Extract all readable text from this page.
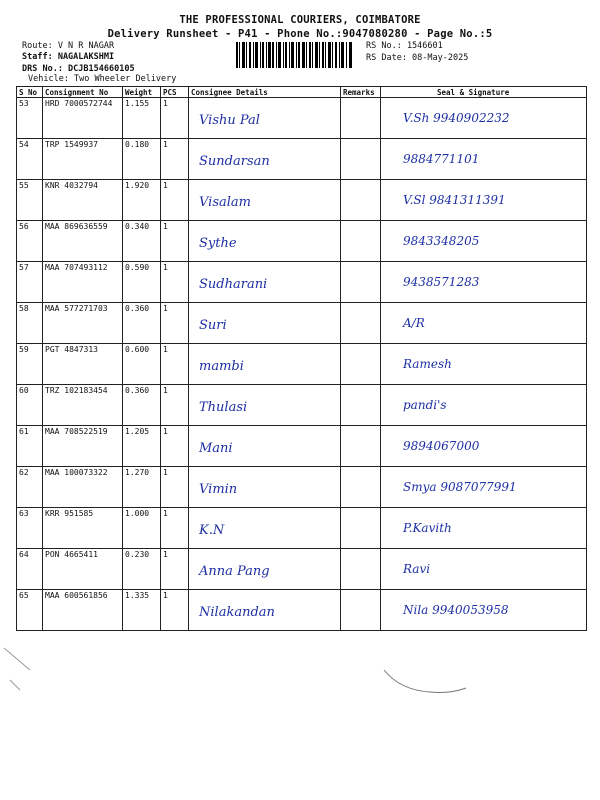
THE PROFESSIONAL COURIERS, COIMBATORE
Delivery Runsheet - P41 - Phone No.:9047080280 - Page No.:5
Route: V N R NAGAR
Staff: NAGALAKSHMI
DRS No.: DCJB154660105
Vehicle: Two Wheeler Delivery
RS No.: 1546601
RS Date: 08-May-2025
S No	Consignment No	Weight	PCS	Consignee Details	Remarks	Seal & Signature
53	HRD 7000572744	1.155	1	Vishu Pal		V.Sh 9940902232

54	TRP 1549937	0.180	1	Sundarsan		9884771101

55	KNR 4032794	1.920	1	Visalam		V.Sl 9841311391

56	MAA 869636559	0.340	1	Sythe		9843348205

57	MAA 707493112	0.590	1	Sudharani		9438571283

58	MAA 577271703	0.360	1	Suri		A/R

59	PGT 4847313	0.600	1	mambi		Ramesh

60	TRZ 102183454	0.360	1	Thulasi		pandi's

61	MAA 708522519	1.205	1	Mani		9894067000

62	MAA 100073322	1.270	1	Vimin		Smya 9087077991

63	KRR 951585	1.000	1	K.N		P.Kavith

64	PON 4665411	0.230	1	Anna Pang		Ravi

65	MAA 600561856	1.335	1	Nilakandan		Nila 9940053958
